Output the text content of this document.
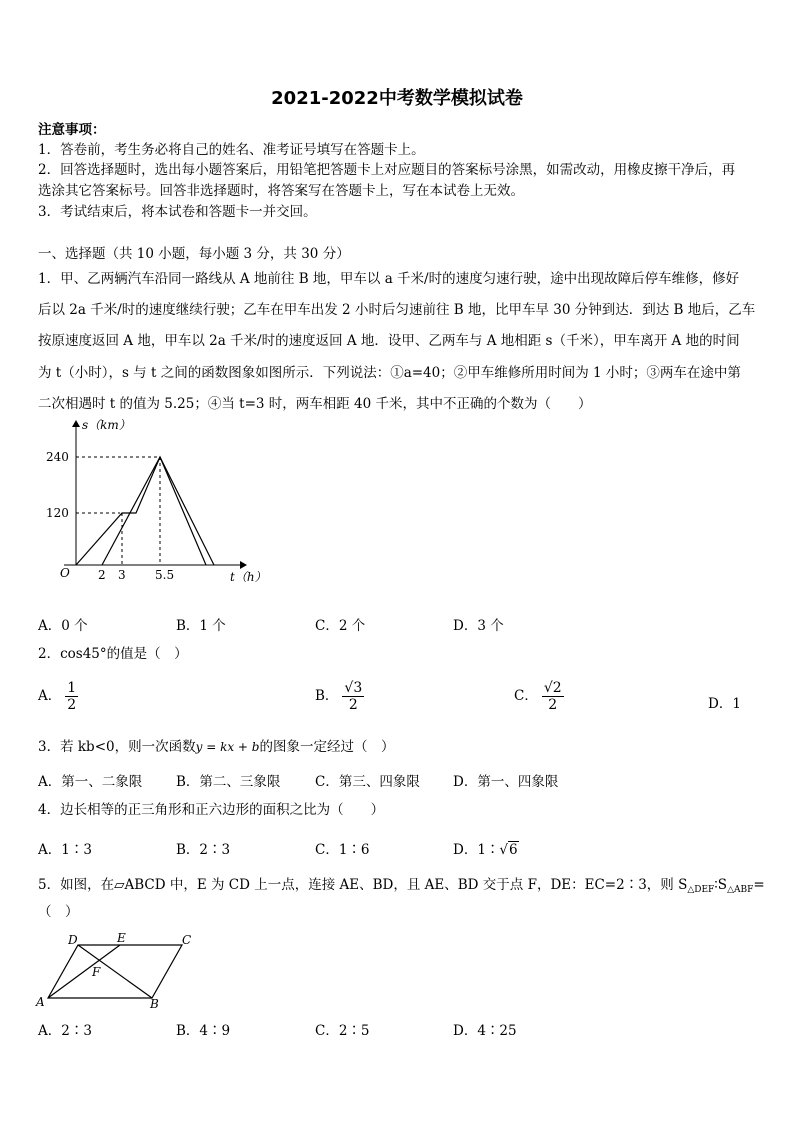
2021-2022中考数学模拟试卷
注意事项：
1．答卷前，考生务必将自己的姓名、准考证号填写在答题卡上。
2．回答选择题时，选出每小题答案后，用铅笔把答题卡上对应题目的答案标号涂黑，如需改动，用橡皮擦干净后，再
选涂其它答案标号。回答非选择题时，将答案写在答题卡上，写在本试卷上无效。
3．考试结束后，将本试卷和答题卡一并交回。
一、选择题（共 10 小题，每小题 3 分，共 30 分）
1．甲、乙两辆汽车沿同一路线从 A 地前往 B 地，甲车以 a 千米/时的速度匀速行驶，途中出现故障后停车维修，修好
后以 2a 千米/时的速度继续行驶；乙车在甲车出发 2 小时后匀速前往 B 地，比甲车早 30 分钟到达．到达 B 地后，乙车
按原速度返回 A 地，甲车以 2a 千米/时的速度返回 A 地．设甲、乙两车与 A 地相距 s（千米），甲车离开 A 地的时间
为 t（小时），s 与 t 之间的函数图象如图所示．下列说法：①a=40；②甲车维修所用时间为 1 小时；③两车在途中第
二次相遇时 t 的值为 5.25；④当 t=3 时，两车相距 40 千米，其中不正确的个数为（　　）
s（km）
t（h）
O
240
120
2 3 5.5
A．0 个	B．1 个	C．2 个	D．3 个
2．cos45°的值是（　）
A． $\frac{1}{2}$	B． $\frac{√3}{2}$	C． $\frac{√2}{2}$	D．1
3．若 kb<0，则一次函数y = kx + b的图象一定经过（　）
A．第一、二象限	B．第二、三象限	C．第三、四象限 D．第一、四象限
4．边长相等的正三角形和正六边形的面积之比为（　　）
A．1∶3	B．2∶3	C．1∶6	D．1∶√6
5．如图，在▱ABCD 中，E 为 CD 上一点，连接 AE、BD，且 AE、BD 交于点 F，DE：EC=2∶3，则 $S_{\triangle DEF}∶S_{\triangle ABF}=$
（　）
D	E	C
F
A	B
A．2∶3	B．4∶9	C．2∶5	D．4∶25
